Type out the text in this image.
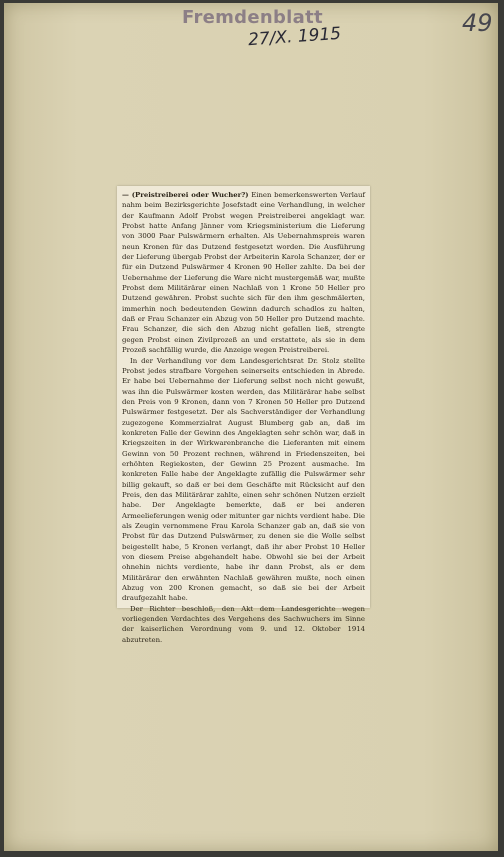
Fremdenblatt
27/X. 1915	49

— (Preistreiberei oder Wucher?) Einen bemerkenswerten Verlauf nahm beim Bezirksgerichte Josefstadt eine Verhandlung, in welcher der Kaufmann Adolf Probst wegen Preistreiberei angeklagt war. Probst hatte Anfang Jänner vom Kriegsministerium die Lieferung von 3000 Paar Pulswärmern erhalten. Als Uebernahmspreis waren neun Kronen für das Dutzend festgesetzt worden. Die Ausführung der Lieferung übergab Probst der Arbeiterin Karola Schanzer, der er für ein Dutzend Pulswärmer 4 Kronen 90 Heller zahlte. Da bei der Uebernahme der Lieferung die Ware nicht mustergemäß war, mußte Probst dem Militärärar einen Nachlaß von 1 Krone 50 Heller pro Dutzend gewähren. Probst suchte sich für den ihm geschmälerten, immerhin noch bedeutenden Gewinn dadurch schadlos zu halten, daß er Frau Schanzer ein Abzug von 50 Heller pro Dutzend machte. Frau Schanzer, die sich den Abzug nicht gefallen ließ, strengte gegen Probst einen Zivilprozeß an und erstattete, als sie in dem Prozeß sachfällig wurde, die Anzeige wegen Preistreiberei.

In der Verhandlung vor dem Landesgerichtsrat Dr. Stolz stellte Probst jedes strafbare Vorgehen seinerseits entschieden in Abrede. Er habe bei Uebernahme der Lieferung selbst noch nicht gewußt, was ihn die Pulswärmer kosten werden, das Militärärar habe selbst den Preis von 9 Kronen, dann von 7 Kronen 50 Heller pro Dutzend Pulswärmer festgesetzt. Der als Sachverständiger der Verhandlung zugezogene Kommerzialrat August Blumberg gab an, daß im konkreten Falle der Gewinn des Angeklagten sehr schön war, daß in Kriegszeiten in der Wirkwarenbranche die Lieferanten mit einem Gewinn von 50 Prozent rechnen, während in Friedenszeiten, bei erhöhten Regiekosten, der Gewinn 25 Prozent ausmache. Im konkreten Falle habe der Angeklagte zufällig die Pulswärmer sehr billig gekauft, so daß er bei dem Geschäfte mit Rücksicht auf den Preis, den das Militärärar zahlte, einen sehr schönen Nutzen erzielt habe. Der Angeklagte bemerkte, daß er bei anderen Armeelieferungen wenig oder mitunter gar nichts verdient habe. Die als Zeugin vernommene Frau Karola Schanzer gab an, daß sie von Probst für das Dutzend Pulswärmer, zu denen sie die Wolle selbst beigestellt habe, 5 Kronen verlangt, daß ihr aber Probst 10 Heller von diesem Preise abgehandelt habe. Obwohl sie bei der Arbeit ohnehin nichts verdiente, habe ihr dann Probst, als er dem Militärärar den erwähnten Nachlaß gewähren mußte, noch einen Abzug von 200 Kronen gemacht, so daß sie bei der Arbeit draufgezahlt habe.

Der Richter beschloß, den Akt dem Landesgerichte wegen vorliegenden Verdachtes des Vergehens des Sachwuchers im Sinne der kaiserlichen Verordnung vom 9. und 12. Oktober 1914 abzutreten.
